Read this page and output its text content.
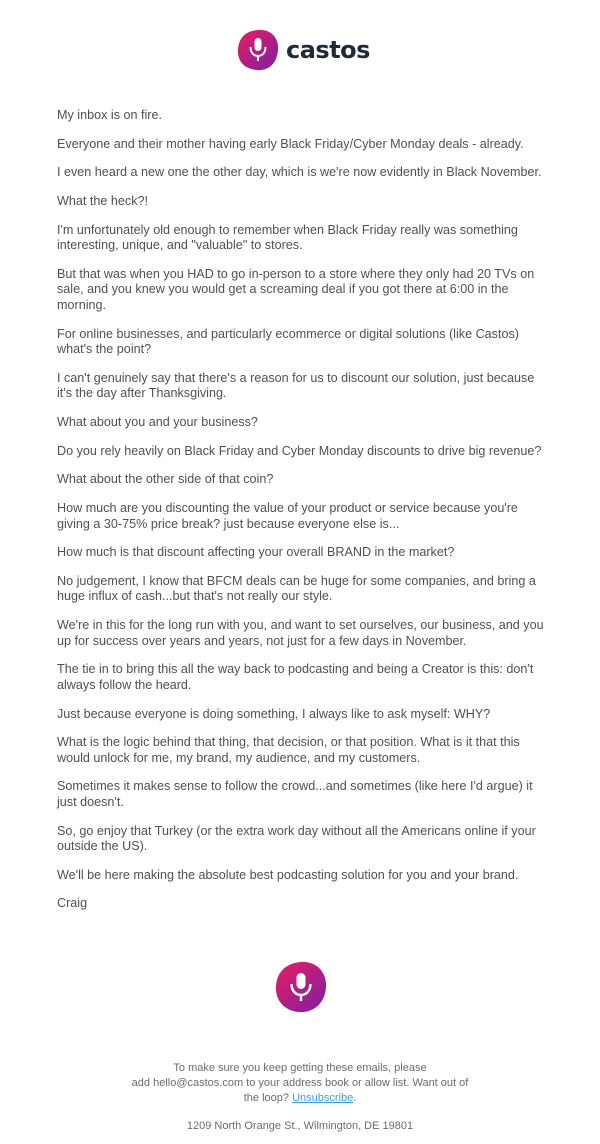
castos

My inbox is on fire.

Everyone and their mother having early Black Friday/Cyber Monday deals - already.

I even heard a new one the other day, which is we're now evidently in Black November.

What the heck?!

I'm unfortunately old enough to remember when Black Friday really was something interesting, unique, and "valuable" to stores.

But that was when you HAD to go in-person to a store where they only had 20 TVs on sale, and you knew you would get a screaming deal if you got there at 6:00 in the morning.

For online businesses, and particularly ecommerce or digital solutions (like Castos) what's the point?

I can't genuinely say that there's a reason for us to discount our solution, just because it's the day after Thanksgiving.

What about you and your business?

Do you rely heavily on Black Friday and Cyber Monday discounts to drive big revenue?

What about the other side of that coin?

How much are you discounting the value of your product or service because you're giving a 30-75% price break? just because everyone else is...

How much is that discount affecting your overall BRAND in the market?

No judgement, I know that BFCM deals can be huge for some companies, and bring a huge influx of cash...but that's not really our style.

We're in this for the long run with you, and want to set ourselves, our business, and you up for success over years and years, not just for a few days in November.

The tie in to bring this all the way back to podcasting and being a Creator is this: don't always follow the heard.

Just because everyone is doing something, I always like to ask myself: WHY?

What is the logic behind that thing, that decision, or that position. What is it that this would unlock for me, my brand, my audience, and my customers.

Sometimes it makes sense to follow the crowd...and sometimes (like here I'd argue) it just doesn't.

So, go enjoy that Turkey (or the extra work day without all the Americans online if your outside the US).

We'll be here making the absolute best podcasting solution for you and your brand.

Craig

To make sure you keep getting these emails, please
add hello@castos.com to your address book or allow list. Want out of
the loop? Unsubscribe.
1209 North Orange St., Wilmington, DE 19801
